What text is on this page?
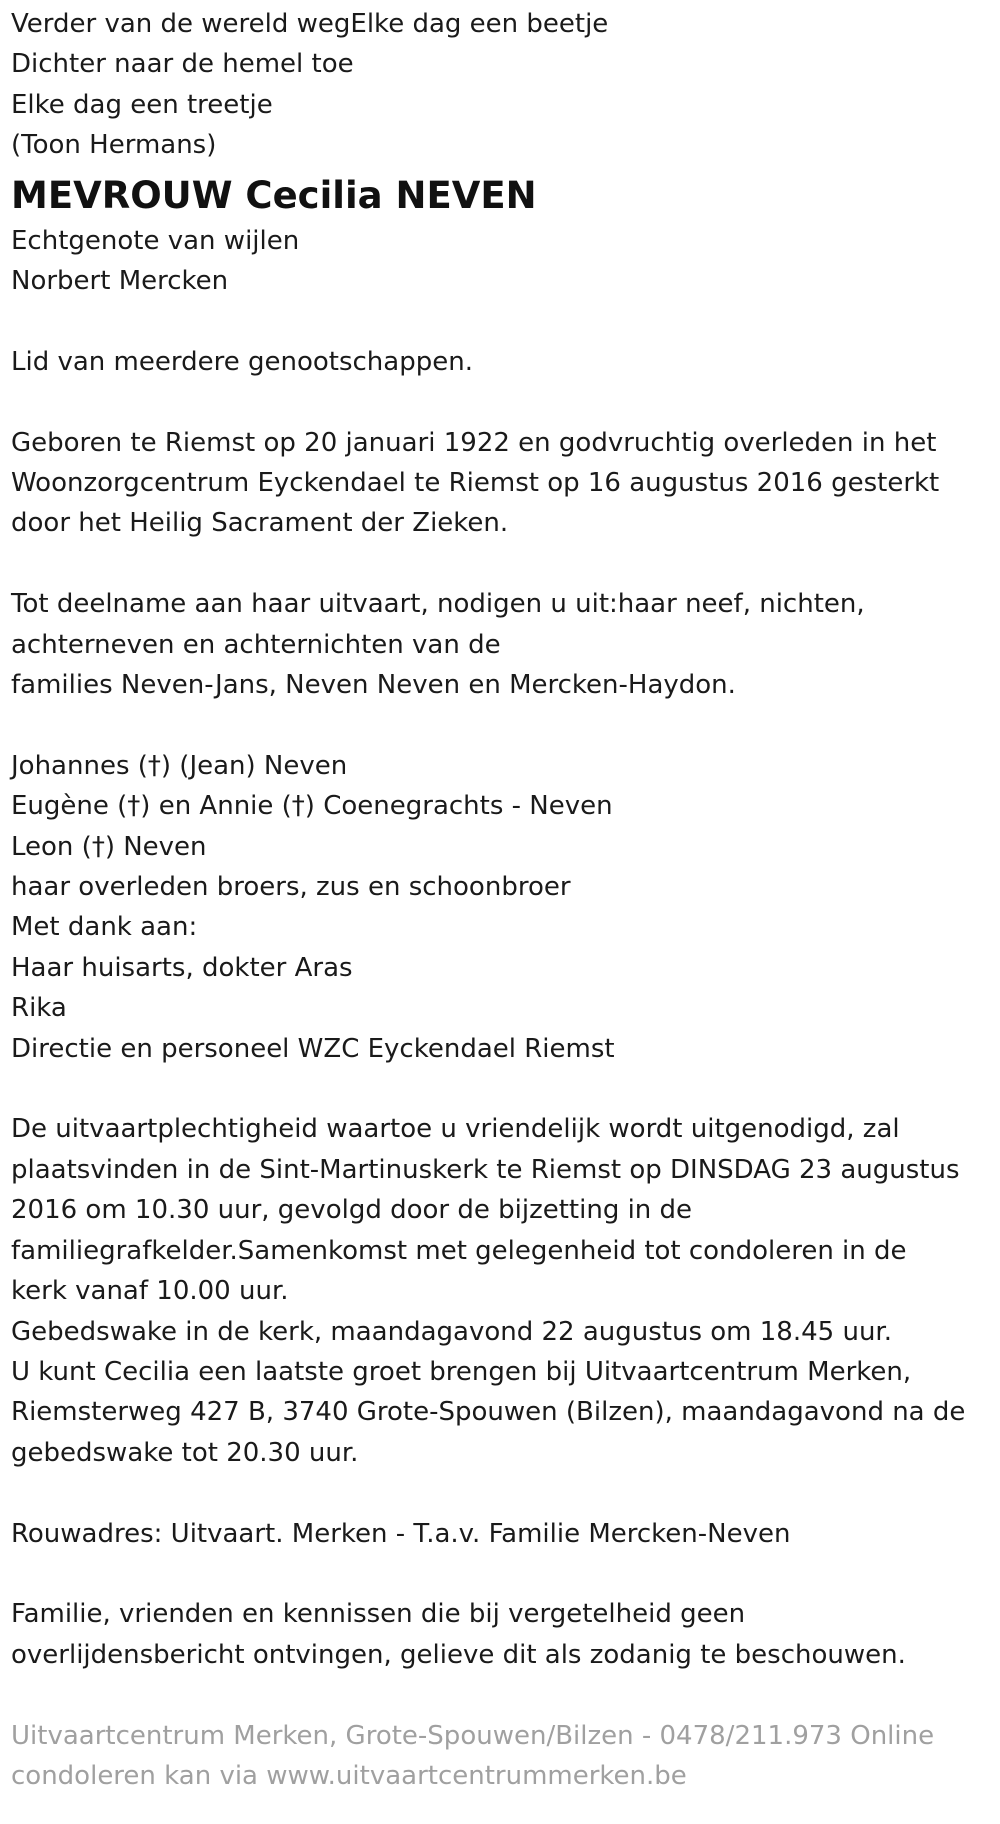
Verder van de wereld wegElke dag een beetje

Dichter naar de hemel toe

Elke dag een treetje

(Toon Hermans)

MEVROUW Cecilia NEVEN

Echtgenote van wijlen

Norbert Mercken

Lid van meerdere genootschappen.

Geboren te Riemst op 20 januari 1922 en godvruchtig overleden in het

Woonzorgcentrum Eyckendael te Riemst op 16 augustus 2016 gesterkt

door het Heilig Sacrament der Zieken.

Tot deelname aan haar uitvaart, nodigen u uit:haar neef, nichten,

achterneven en achternichten van de

families Neven-Jans, Neven Neven en Mercken-Haydon.

Johannes (†) (Jean) Neven

Eugène (†) en Annie (†) Coenegrachts - Neven

Leon (†) Neven

haar overleden broers, zus en schoonbroer

Met dank aan:

Haar huisarts, dokter Aras

Rika

Directie en personeel WZC Eyckendael Riemst

De uitvaartplechtigheid waartoe u vriendelijk wordt uitgenodigd, zal

plaatsvinden in de Sint-Martinuskerk te Riemst op DINSDAG 23 augustus

2016 om 10.30 uur, gevolgd door de bijzetting in de

familiegrafkelder.Samenkomst met gelegenheid tot condoleren in de

kerk vanaf 10.00 uur.

Gebedswake in de kerk, maandagavond 22 augustus om 18.45 uur.

U kunt Cecilia een laatste groet brengen bij Uitvaartcentrum Merken,

Riemsterweg 427 B, 3740 Grote-Spouwen (Bilzen), maandagavond na de

gebedswake tot 20.30 uur.

Rouwadres: Uitvaart. Merken - T.a.v. Familie Mercken-Neven

Familie, vrienden en kennissen die bij vergetelheid geen

overlijdensbericht ontvingen, gelieve dit als zodanig te beschouwen.

Uitvaartcentrum Merken, Grote-Spouwen/Bilzen - 0478/211.973 Online

condoleren kan via www.uitvaartcentrummerken.be
